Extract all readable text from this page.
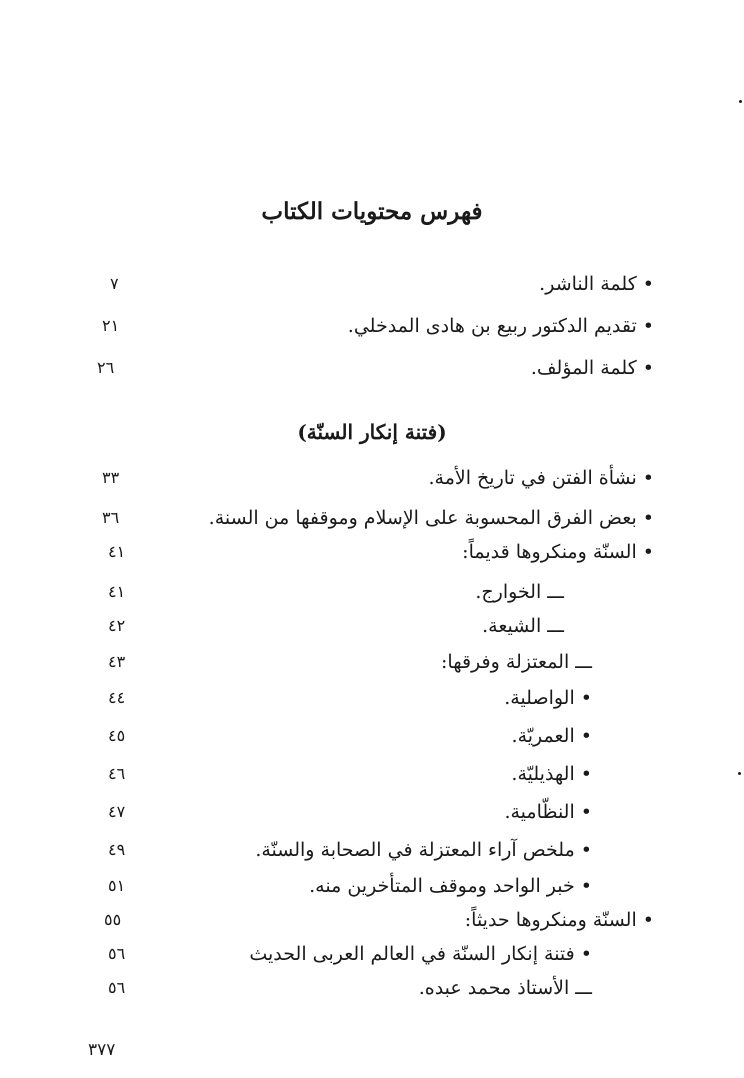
فهرس محتويات الكتاب
• كلمة الناشر.
٧
• تقديم الدكتور ربيع بن هادى المدخلي.
٢١
• كلمة المؤلف.
٢٦
(فتنة إنكار السنّة)
• نشأة الفتن في تاريخ الأمة.
٣٣
• بعض الفرق المحسوبة على الإسلام وموقفها من السنة.
٣٦
• السنّة ومنكروها قديماً:
٤١
ـــ الخوارج.
٤١
ـــ الشيعة.
٤٢
ـــ المعتزلة وفرقها:
٤٣
• الواصلية.
٤٤
• العمريّة.
٤٥
• الهذيليّة.
٤٦
• النظّامية.
٤٧
• ملخص آراء المعتزلة في الصحابة والسنّة.
٤٩
• خبر الواحد وموقف المتأخرين منه.
٥١
• السنّة ومنكروها حديثاً:
٥٥
• فتنة إنكار السنّة في العالم العربى الحديث
٥٦
ـــ الأستاذ محمد عبده.
٥٦
٣٧٧
